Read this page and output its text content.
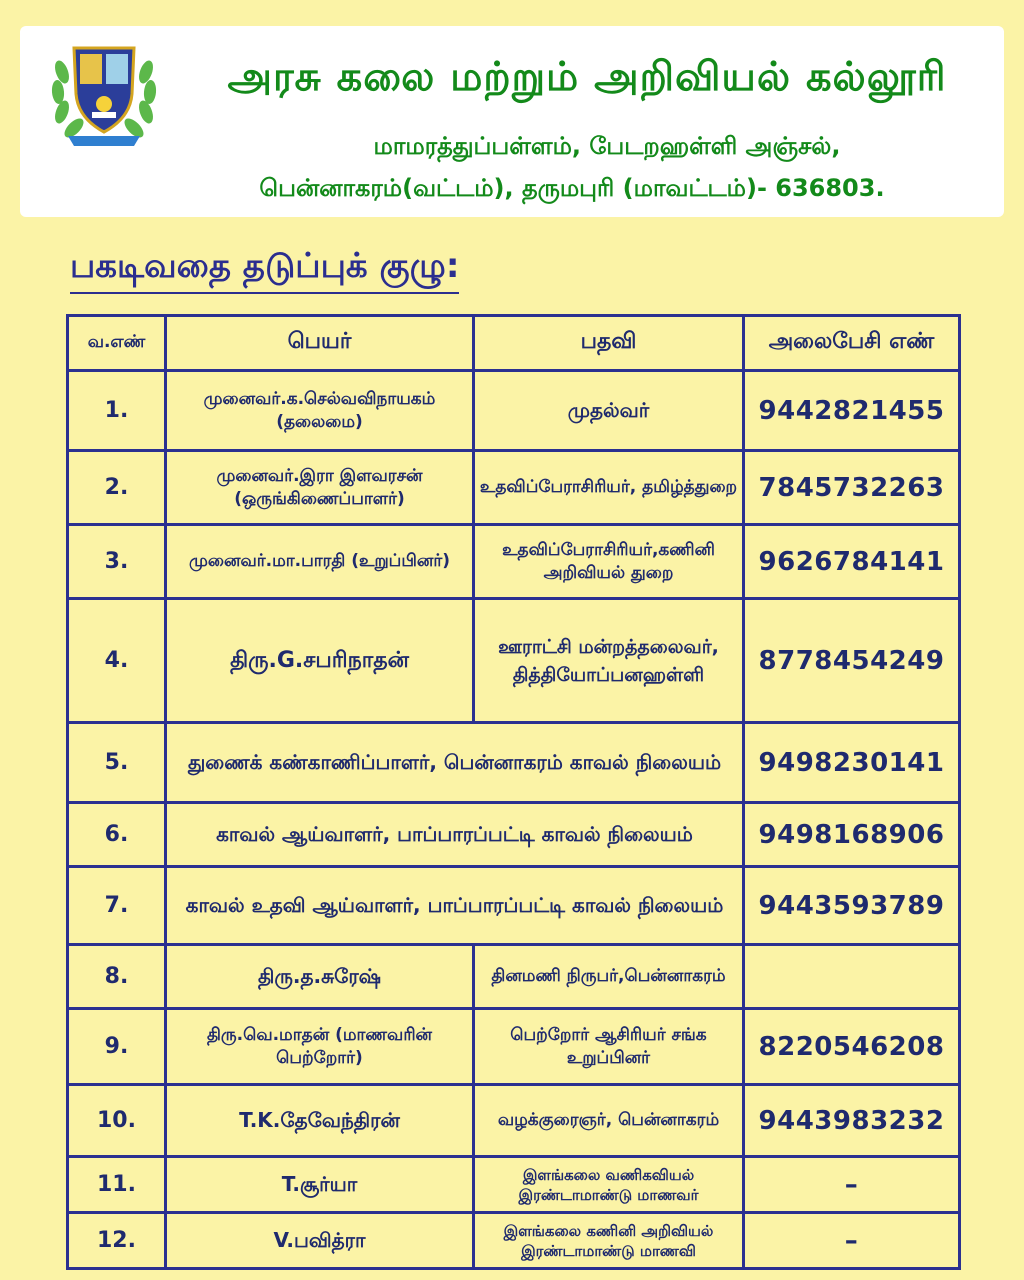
அரசு கலை மற்றும் அறிவியல் கல்லூரி
மாமரத்துப்பள்ளம், பேடறஹள்ளி அஞ்சல்,
பென்னாகரம்(வட்டம்), தருமபுரி (மாவட்டம்)- 636803.
பகடிவதை தடுப்புக் குழு:
வ.எண்	பெயர்	பதவி	அலைபேசி எண்
1.	முனைவர்.க.செல்வவிநாயகம் (தலைமை)	முதல்வர்	9442821455
2.	முனைவர்.இரா இளவரசன் (ஒருங்கிணைப்பாளர்)	உதவிப்பேராசிரியர், தமிழ்த்துறை	7845732263
3.	முனைவர்.மா.பாரதி (உறுப்பினர்)	உதவிப்பேராசிரியர்,கணினி அறிவியல் துறை	9626784141
4.	திரு.G.சபரிநாதன்	ஊராட்சி மன்றத்தலைவர், தித்தியோப்பனஹள்ளி	8778454249
5.	துணைக் கண்காணிப்பாளர், பென்னாகரம் காவல் நிலையம்		9498230141
6.	காவல் ஆய்வாளர், பாப்பாரப்பட்டி காவல் நிலையம்		9498168906
7.	காவல் உதவி ஆய்வாளர், பாப்பாரப்பட்டி காவல் நிலையம்		9443593789
8.	திரு.த.சுரேஷ்	தினமணி நிருபர்,பென்னாகரம்	
9.	திரு.வெ.மாதன் (மாணவரின் பெற்றோர்)	பெற்றோர் ஆசிரியர் சங்க உறுப்பினர்	8220546208
10.	T.K.தேவேந்திரன்	வழக்குரைஞர், பென்னாகரம்	9443983232
11.	T.சூர்யா	இளங்கலை வணிகவியல் இரண்டாமாண்டு மாணவர்	–
12.	V.பவித்ரா	இளங்கலை கணினி அறிவியல் இரண்டாமாண்டு மாணவி	–
